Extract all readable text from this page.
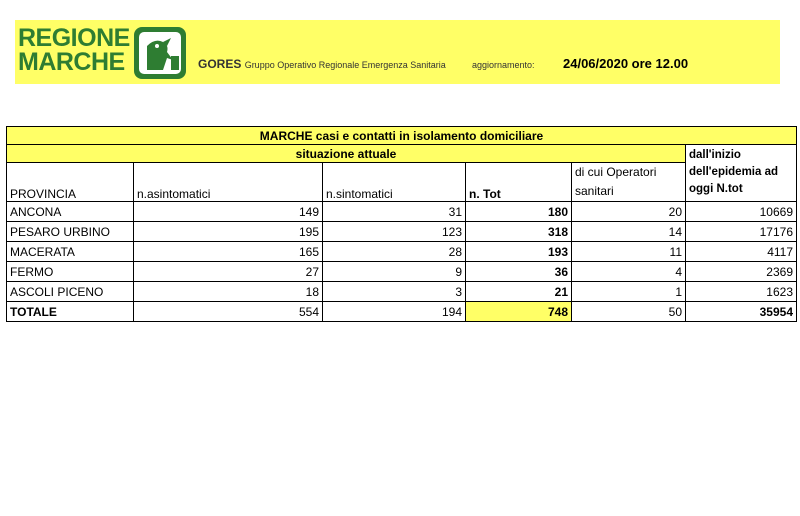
REGIONE
MARCHE	GORES Gruppo Operativo Regionale Emergenza Sanitaria	aggiornamento: 24/06/2020 ore 12.00
MARCHE casi e contatti in isolamento domiciliare					
situazione attuale					dall'inizio dell'epidemia ad oggi N.tot
PROVINCIA	n.asintomatici	n.sintomatici	n. Tot	di cui Operatori sanitari	
ANCONA	149	31	180	20	10669
PESARO URBINO	195	123	318	14	17176
MACERATA	165	28	193	11	4117
FERMO	27	9	36	4	2369
ASCOLI PICENO	18	3	21	1	1623
TOTALE	554	194	748	50	35954
